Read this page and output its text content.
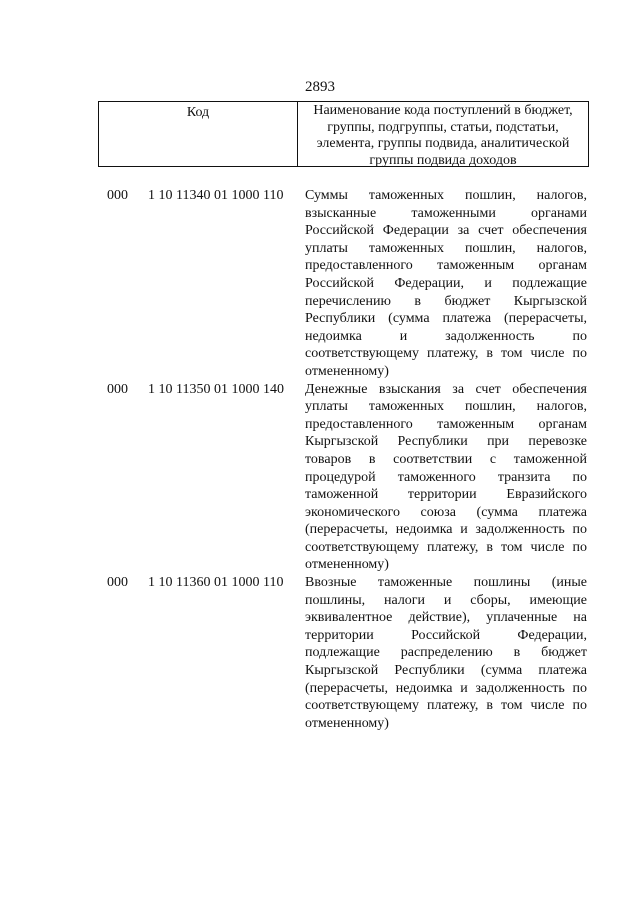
2893
Код	Наименование кода поступлений в бюджет, группы, подгруппы, статьи, подстатьи, элемента, группы подвида, аналитической группы подвида доходов
000 1 10 11340 01 1000 110 Суммы таможенных пошлин, налогов,
взысканные таможенными органами
Российской Федерации за счет обеспечения
уплаты таможенных пошлин, налогов,
предоставленного таможенным органам
Российской Федерации, и подлежащие
перечислению в бюджет Кыргызской
Республики (сумма платежа (перерасчеты,
недоимка и задолженность по
соответствующему платежу, в том числе по
отмененному)
000 1 10 11350 01 1000 140 Денежные взыскания за счет обеспечения
уплаты таможенных пошлин, налогов,
предоставленного таможенным органам
Кыргызской Республики при перевозке
товаров в соответствии с таможенной
процедурой таможенного транзита по
таможенной территории Евразийского
экономического союза (сумма платежа
(перерасчеты, недоимка и задолженность по
соответствующему платежу, в том числе по
отмененному)
000 1 10 11360 01 1000 110 Ввозные таможенные пошлины (иные
пошлины, налоги и сборы, имеющие
эквивалентное действие), уплаченные на
территории Российской Федерации,
подлежащие распределению в бюджет
Кыргызской Республики (сумма платежа
(перерасчеты, недоимка и задолженность по
соответствующему платежу, в том числе по
отмененному)
